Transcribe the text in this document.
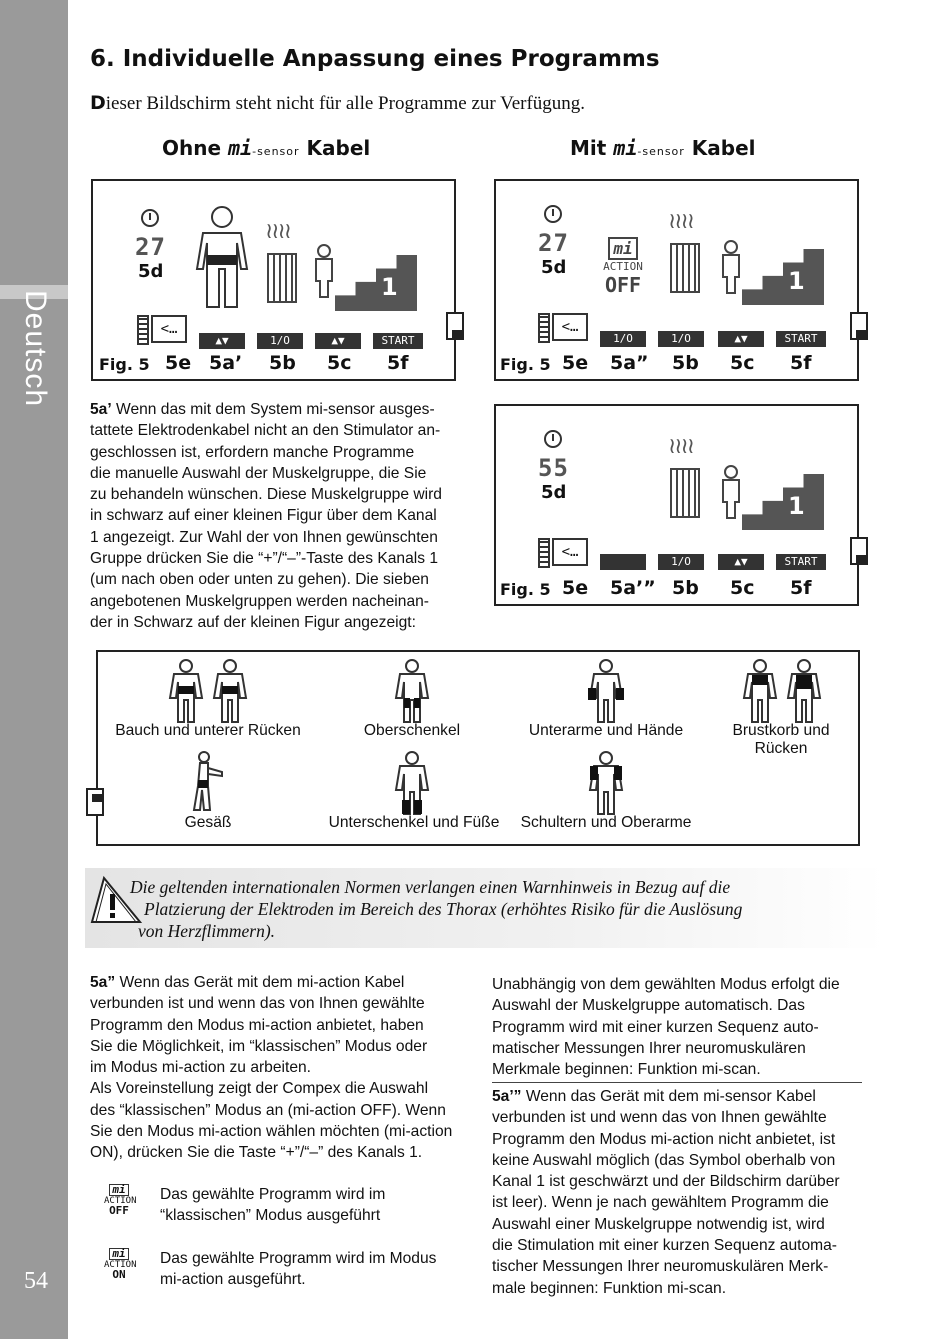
Deutsch
54
6. Individuelle Anpassung eines Programms
Dieser Bildschirm steht nicht für alle Programme zur Verfügung.
Ohne mi-sensor Kabel	Mit mi-sensor Kabel
27
5d
≀≀≀≀
1
<…
▲▼	1/O	▲▼	START
Fig. 5 5e 5a’ 5b 5c 5f
27
5d
mi
ACTION
OFF
≀≀≀≀
1
<…
1/O	1/O	▲▼	START
Fig. 5 5e 5a” 5b 5c 5f
5a’ Wenn das mit dem System mi-sensor ausges-
tattete Elektrodenkabel nicht an den Stimulator an-
geschlossen ist, erfordern manche Programme
die manuelle Auswahl der Muskelgruppe, die Sie
zu behandeln wünschen. Diese Muskelgruppe wird
in schwarz auf einer kleinen Figur über dem Kanal
1 angezeigt. Zur Wahl der von Ihnen gewünschten
Gruppe drücken Sie die “+”/“–”-Taste des Kanals 1
(um nach oben oder unten zu gehen). Die sieben
angebotenen Muskelgruppen werden nacheinan-
der in Schwarz auf der kleinen Figur angezeigt:
55
5d
≀≀≀≀
1
<…
1/O	▲▼	START
Fig. 5 5e 5a’” 5b 5c 5f
Bauch und unterer Rücken	Oberschenkel	Unterarme und Hände	Brustkorb und Rücken
Gesäß	Unterschenkel und Füße	Schultern und Oberarme
Die geltenden internationalen Normen verlangen einen Warnhinweis in Bezug auf die
Platzierung der Elektroden im Bereich des Thorax (erhöhtes Risiko für die Auslösung
von Herzflimmern).
5a” Wenn das Gerät mit dem mi-action Kabel
verbunden ist und wenn das von Ihnen gewählte
Programm den Modus mi-action anbietet, haben
Sie die Möglichkeit, im “klassischen” Modus oder
im Modus mi-action zu arbeiten.
Als Voreinstellung zeigt der Compex die Auswahl
des “klassischen” Modus an (mi-action OFF). Wenn
Sie den Modus mi-action wählen möchten (mi-action
ON), drücken Sie die Taste “+”/“–” des Kanals 1.
mi
ACTION
OFF
Das gewählte Programm wird im
“klassischen” Modus ausgeführt
mi
ACTION
ON
Das gewählte Programm wird im Modus
mi-action ausgeführt.
Unabhängig von dem gewählten Modus erfolgt die
Auswahl der Muskelgruppe automatisch. Das
Programm wird mit einer kurzen Sequenz auto-
matischer Messungen Ihrer neuromuskulären
Merkmale beginnen: Funktion mi-scan.
5a’” Wenn das Gerät mit dem mi-sensor Kabel
verbunden ist und wenn das von Ihnen gewählte
Programm den Modus mi-action nicht anbietet, ist
keine Auswahl möglich (das Symbol oberhalb von
Kanal 1 ist geschwärzt und der Bildschirm darüber
ist leer). Wenn je nach gewähltem Programm die
Auswahl einer Muskelgruppe notwendig ist, wird
die Stimulation mit einer kurzen Sequenz automa-
tischer Messungen Ihrer neuromuskulären Merk-
male beginnen: Funktion mi-scan.
